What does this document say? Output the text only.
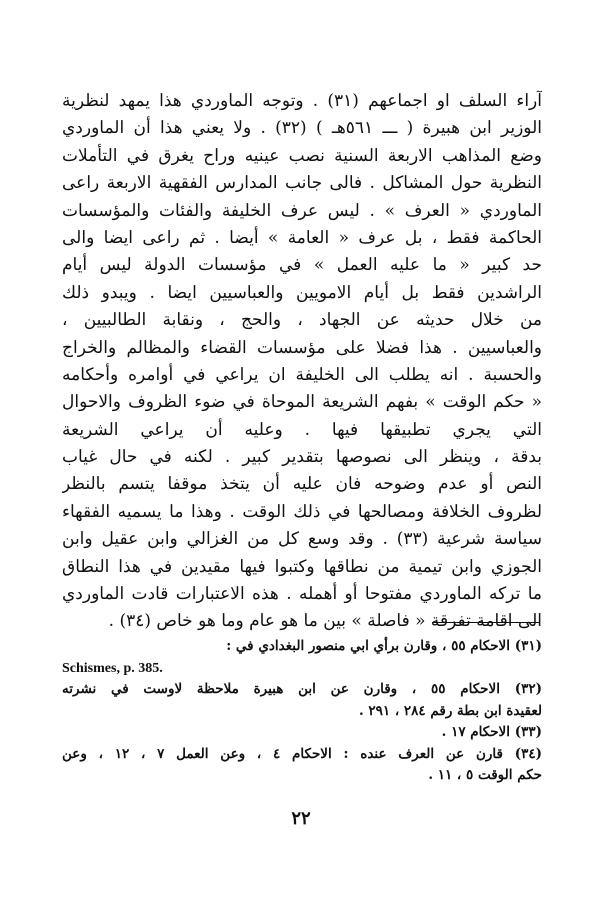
آراء السلف او اجماعهم (٣١) . وتوجه الماوردي هذا يمهد لنظرية
الوزير ابن هبيرة ( ـــ ٥٦١هـ ) (٣٢) . ولا يعني هذا أن الماوردي
وضع المذاهب الاربعة السنية نصب عينيه وراح يغرق في التأملات
النظرية حول المشاكل . فالى جانب المدارس الفقهية الاربعة راعى
الماوردي « العرف » . ليس عرف الخليفة والفئات والمؤسسات
الحاكمة فقط ، بل عرف « العامة » أيضا . ثم راعى ايضا والى
حد كبير « ما عليه العمل » في مؤسسات الدولة ليس أيام
الراشدين فقط بل أيام الامويين والعباسيين ايضا . ويبدو ذلك
من خلال حديثه عن الجهاد ، والحج ، ونقابة الطالبيين ،
والعباسيين . هذا فضلا على مؤسسات القضاء والمظالم والخراج
والحسبة . انه يطلب الى الخليفة ان يراعي في أوامره وأحكامه
« حكم الوقت » بفهم الشريعة الموحاة في ضوء الظروف والاحوال
التي يجري تطبيقها فيها . وعليه أن يراعي الشريعة
بدقة ، وينظر الى نصوصها بتقدير كبير . لكنه في حال غياب
النص أو عدم وضوحه فان عليه أن يتخذ موقفا يتسم بالنظر
لظروف الخلافة ومصالحها في ذلك الوقت . وهذا ما يسميه الفقهاء
سياسة شرعية (٣٣) . وقد وسع كل من الغزالي وابن عقيل وابن
الجوزي وابن تيمية من نطاقها وكتبوا فيها مقيدين في هذا النطاق
ما تركه الماوردي مفتوحا أو أهمله . هذه الاعتبارات قادت الماوردي
الى اقامة تفرقة « فاصلة » بين ما هو عام وما هو خاص (٣٤) .
(٣١) الاحكام ٥٥ ، وقارن برأي ابي منصور البغدادي في :
Schismes, p. 385.
(٣٢) الاحكام ٥٥ ، وقارن عن ابن هبيرة ملاحظة لاوست في نشرته
لعقيدة ابن بطة رقم ٢٨٤ ، ٢٩١ .
(٣٣) الاحكام ١٧ .
(٣٤) قارن عن العرف عنده : الاحكام ٤ ، وعن العمل ٧ ، ١٢ ، وعن
حكم الوقت ٥ ، ١١ .
٢٢
